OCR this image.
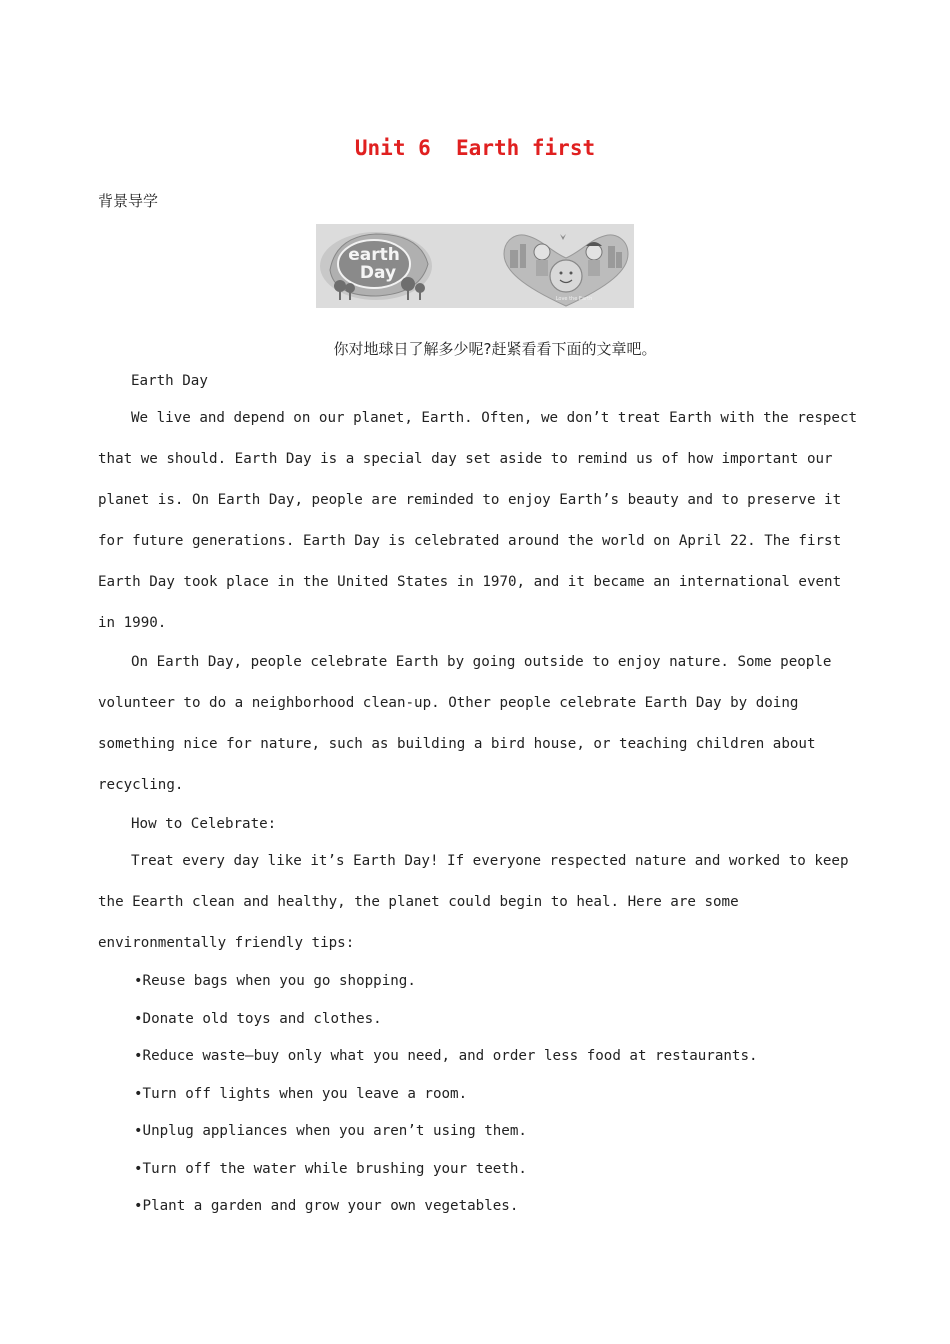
Unit 6  Earth first

背景导学

earth
Day
Love the Earth

你对地球日了解多少呢?赶紧看看下面的文章吧。

Earth Day

We live and depend on our planet, Earth. Often, we don’t treat Earth with the respect that we should. Earth Day is a special day set aside to remind us of how important our planet is. On Earth Day, people are reminded to enjoy Earth’s beauty and to preserve it for future generations. Earth Day is celebrated around the world on April 22. The first Earth Day took place in the United States in 1970, and it became an international event in 1990.

On Earth Day, people celebrate Earth by going outside to enjoy nature. Some people volunteer to do a neighborhood clean-up. Other people celebrate Earth Day by doing something nice for nature, such as building a bird house, or teaching children about recycling.

How to Celebrate:

Treat every day like it’s Earth Day! If everyone respected nature and worked to keep the Eearth clean and healthy, the planet could begin to heal. Here are some environmentally friendly tips:

•Reuse bags when you go shopping.

•Donate old toys and clothes.

•Reduce waste—buy only what you need, and order less food at restaurants.

•Turn off lights when you leave a room.

•Unplug appliances when you aren’t using them.

•Turn off the water while brushing your teeth.

•Plant a garden and grow your own vegetables.
